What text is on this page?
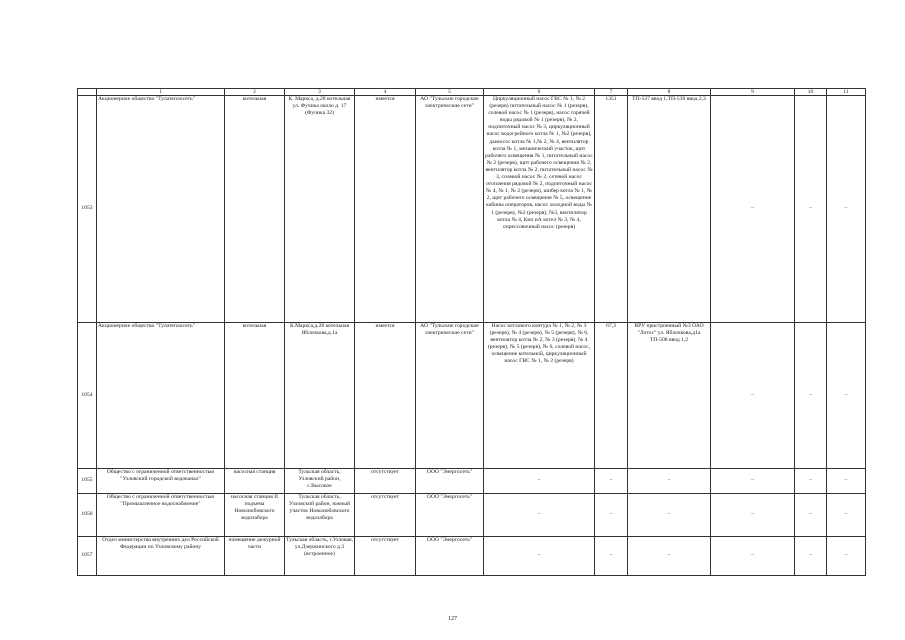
	1	2	3	4	5	6	7	8	9	10	11
1053	Акционерное общество "Тулатеплосеть"	котельная	К. Маркса, д.28 котельная ул. Фучика около д. 17 (Фучика 32)	имеется	АО "Тульские городские электрические сети"	Циркуляционный насос ГВС № 1, № 2 (резерв) питательный насос № 1 (резерв), солевой насос № 1 (резерв), насос горячей воды рядовой № 1 (резерв), № 2, подпиточный насос № 3, циркуляционный насос водогрейного котла № 1, №2 (резерв), дымосос котла № 1,№ 2, № 4, вентилятор котла № 1, механический участок, щит рабочего освещения № 1, питательный насос № 2 (резерв), щит рабочего освещения № 2, вентилятор котла № 2, питательный насос № 3, солевой насос № 2, сетевой насос отопления рядовой № 2, подпиточный насос № 4, № 1, № 2 (резерв), шибер котла № 1, № 2, щит рабочего освещения № 5, освещение кабины операторов, насос холодной воды № 1 (резерв), №2 (резерв), №3, вентилятор котла № 4, Кип иА котел № 3, № 4, опрессовочный насос (резерв)	1351	ТП-537 ввод 1,ТП-539 ввод 2,3	–	–	–
1054	Акционерное общество "Тулатеплосеть"	котельная	К.Маркса,д.28 котельная Яблочкова,д.1а	имеется	АО "Тульские городские электрические сети"	Насос котлового контура № 1, № 2, № 3 (резерв), № 4 (резерв), № 5 (резерв), № 6, вентилятор котла № 2, № 3 (резерв), № 4 (резерв), № 5 (резерв), № 6, солевой насос, освещение котельной, циркуляционный насос ГВС № 1, № 2 (резерв)	67,3	ВРУ пристроенный №3 ОАО "Лотос" ул. Яблочкова,д1а ТП-508 ввод 1,2	–	–	–
1055	Общество с ограниченной ответственностью "Узловский городской водоканал"	насосная станция	Тульская область, Узловский район, с.Высокое	отсутствует	ООО "Энергосеть"	–	–	–	–	–	–
1056	Общество с ограниченной ответственностью "Промышленное водоснабжение"	насосная станция II подъема Новолюбовского водозабора	Тульская область, Узловский район, южный участок Новолюбовского водозабора	отсутствует	ООО "Энергосеть"	–	–	–	–	–	–
1057	Отдел министерства внутренних дел Российской Федерации по Узловскому району	помещение дежурной части	Тульская область, г.Узловая, ул.Дзержинского д.3 (встроенное)	отсутствует	ООО "Энергосеть"	–	–	–	–	–	–
127
